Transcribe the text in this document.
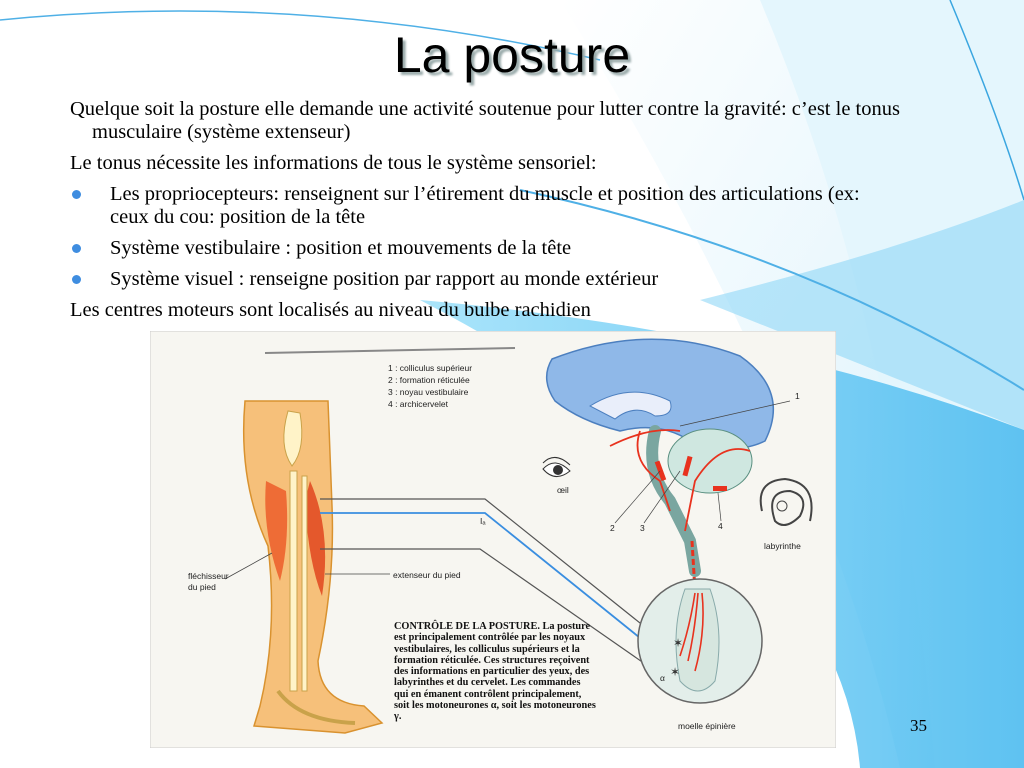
La posture
Quelque soit la posture elle demande une activité soutenue pour lutter contre la gravité: c’est le tonus musculaire (système extenseur)
Le tonus nécessite les informations de tous le système sensoriel:
Les propriocepteurs: renseignent sur l’étirement du muscle et position des articulations (ex: ceux du cou: position de la tête
Système vestibulaire : position et mouvements de la tête
Système visuel : renseigne position par rapport au monde extérieur
Les centres moteurs sont localisés au niveau du bulbe rachidien
fléchisseur
du pied
extenseur du pied
Iₐ
1 : colliculus supérieur
2 : formation réticulée
3 : noyau vestibulaire
4 : archicervelet
œil
labyrinthe
1
2	3	4
✶
✶
α
moelle épinière
CONTRÔLE DE LA POSTURE. La posture est principalement contrôlée par les noyaux vestibulaires, les colliculus supérieurs et la formation réticulée. Ces structures reçoivent des informations en particulier des yeux, des labyrinthes et du cervelet. Les commandes qui en émanent contrôlent principalement, soit les motoneurones α, soit les motoneurones γ.	35
